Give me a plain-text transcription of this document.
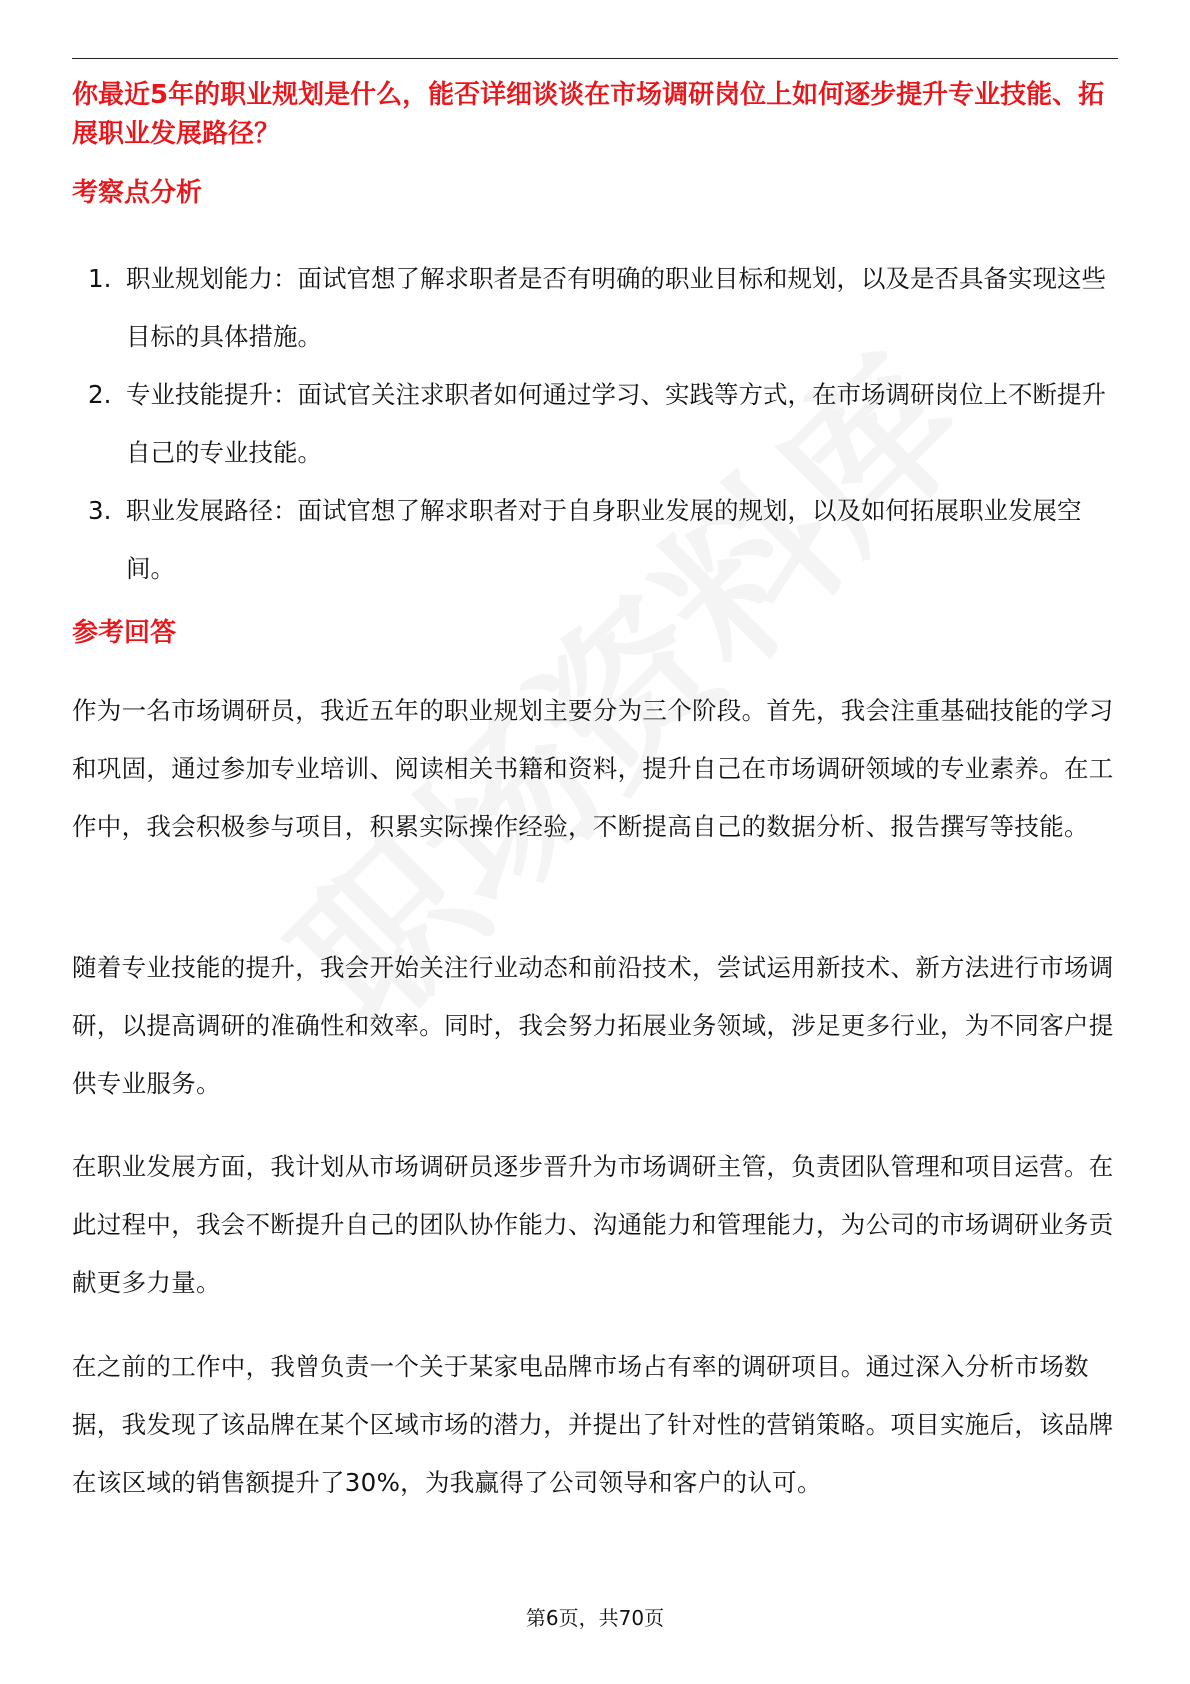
你最近5年的职业规划是什么，能否详细谈谈在市场调研岗位上如何逐步提升专业技能、拓展职业发展路径？
考察点分析
1. 职业规划能力：面试官想了解求职者是否有明确的职业目标和规划，以及是否具备实现这些目标的具体措施。
2. 专业技能提升：面试官关注求职者如何通过学习、实践等方式，在市场调研岗位上不断提升自己的专业技能。
3. 职业发展路径：面试官想了解求职者对于自身职业发展的规划，以及如何拓展职业发展空间。
参考回答

作为一名市场调研员，我近五年的职业规划主要分为三个阶段。首先，我会注重基础技能的学习和巩固，通过参加专业培训、阅读相关书籍和资料，提升自己在市场调研领域的专业素养。在工作中，我会积极参与项目，积累实际操作经验，不断提高自己的数据分析、报告撰写等技能。

随着专业技能的提升，我会开始关注行业动态和前沿技术，尝试运用新技术、新方法进行市场调研，以提高调研的准确性和效率。同时，我会努力拓展业务领域，涉足更多行业，为不同客户提供专业服务。

在职业发展方面，我计划从市场调研员逐步晋升为市场调研主管，负责团队管理和项目运营。在此过程中，我会不断提升自己的团队协作能力、沟通能力和管理能力，为公司的市场调研业务贡献更多力量。

在之前的工作中，我曾负责一个关于某家电品牌市场占有率的调研项目。通过深入分析市场数据，我发现了该品牌在某个区域市场的潜力，并提出了针对性的营销策略。项目实施后，该品牌在该区域的销售额提升了30%，为我赢得了公司领导和客户的认可。

第6页，共70页
